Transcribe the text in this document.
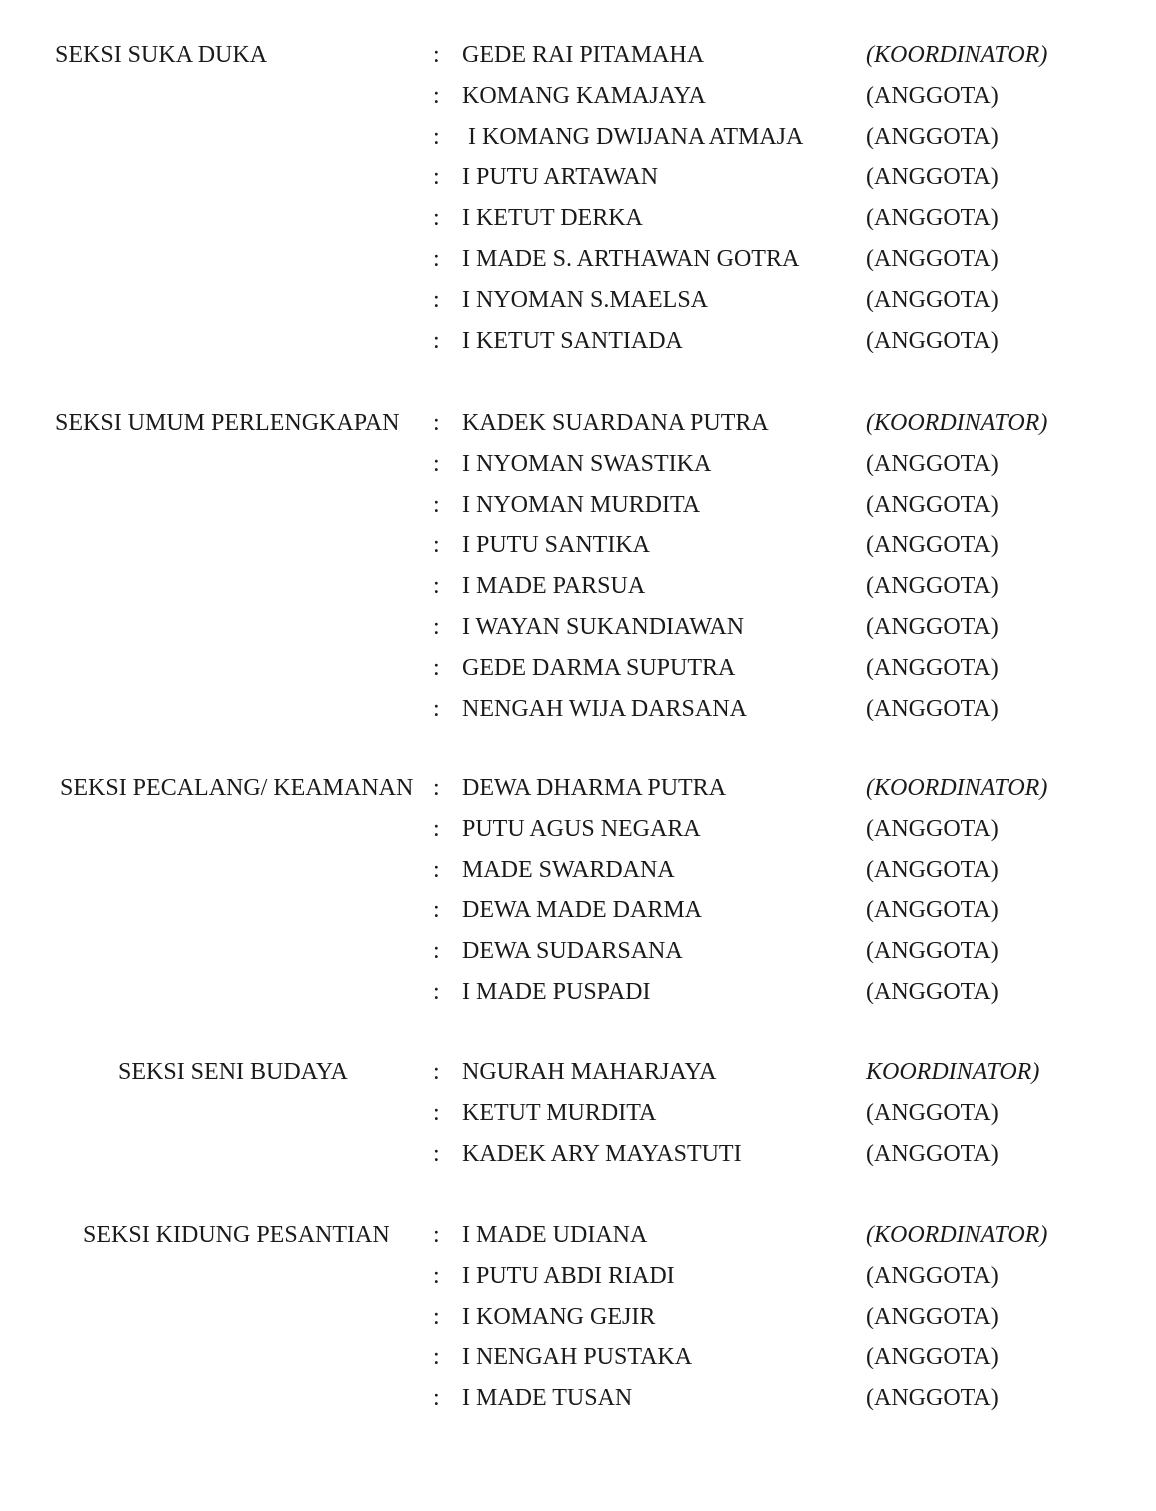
SEKSI SUKA DUKA	: GEDE RAI PITAMAHA	(KOORDINATOR)
: KOMANG KAMAJAYA	(ANGGOTA)
: I KOMANG DWIJANA ATMAJA	(ANGGOTA)
: I PUTU ARTAWAN	(ANGGOTA)
: I KETUT DERKA	(ANGGOTA)
: I MADE S. ARTHAWAN GOTRA	(ANGGOTA)
: I NYOMAN S.MAELSA	(ANGGOTA)
: I KETUT SANTIADA	(ANGGOTA)
SEKSI UMUM PERLENGKAPAN : KADEK SUARDANA PUTRA	(KOORDINATOR)
: I NYOMAN SWASTIKA	(ANGGOTA)
: I NYOMAN MURDITA	(ANGGOTA)
: I PUTU SANTIKA	(ANGGOTA)
: I MADE PARSUA	(ANGGOTA)
: I WAYAN SUKANDIAWAN	(ANGGOTA)
: GEDE DARMA SUPUTRA	(ANGGOTA)
: NENGAH WIJA DARSANA	(ANGGOTA)
SEKSI PECALANG/ KEAMANAN : DEWA DHARMA PUTRA	(KOORDINATOR)
: PUTU AGUS NEGARA	(ANGGOTA)
: MADE SWARDANA	(ANGGOTA)
: DEWA MADE DARMA	(ANGGOTA)
: DEWA SUDARSANA	(ANGGOTA)
: I MADE PUSPADI	(ANGGOTA)
SEKSI SENI BUDAYA	: NGURAH MAHARJAYA	KOORDINATOR)
: KETUT MURDITA	(ANGGOTA)
: KADEK ARY MAYASTUTI	(ANGGOTA)
SEKSI KIDUNG PESANTIAN : I MADE UDIANA	(KOORDINATOR)
: I PUTU ABDI RIADI	(ANGGOTA)
: I KOMANG GEJIR	(ANGGOTA)
: I NENGAH PUSTAKA	(ANGGOTA)
: I MADE TUSAN	(ANGGOTA)
